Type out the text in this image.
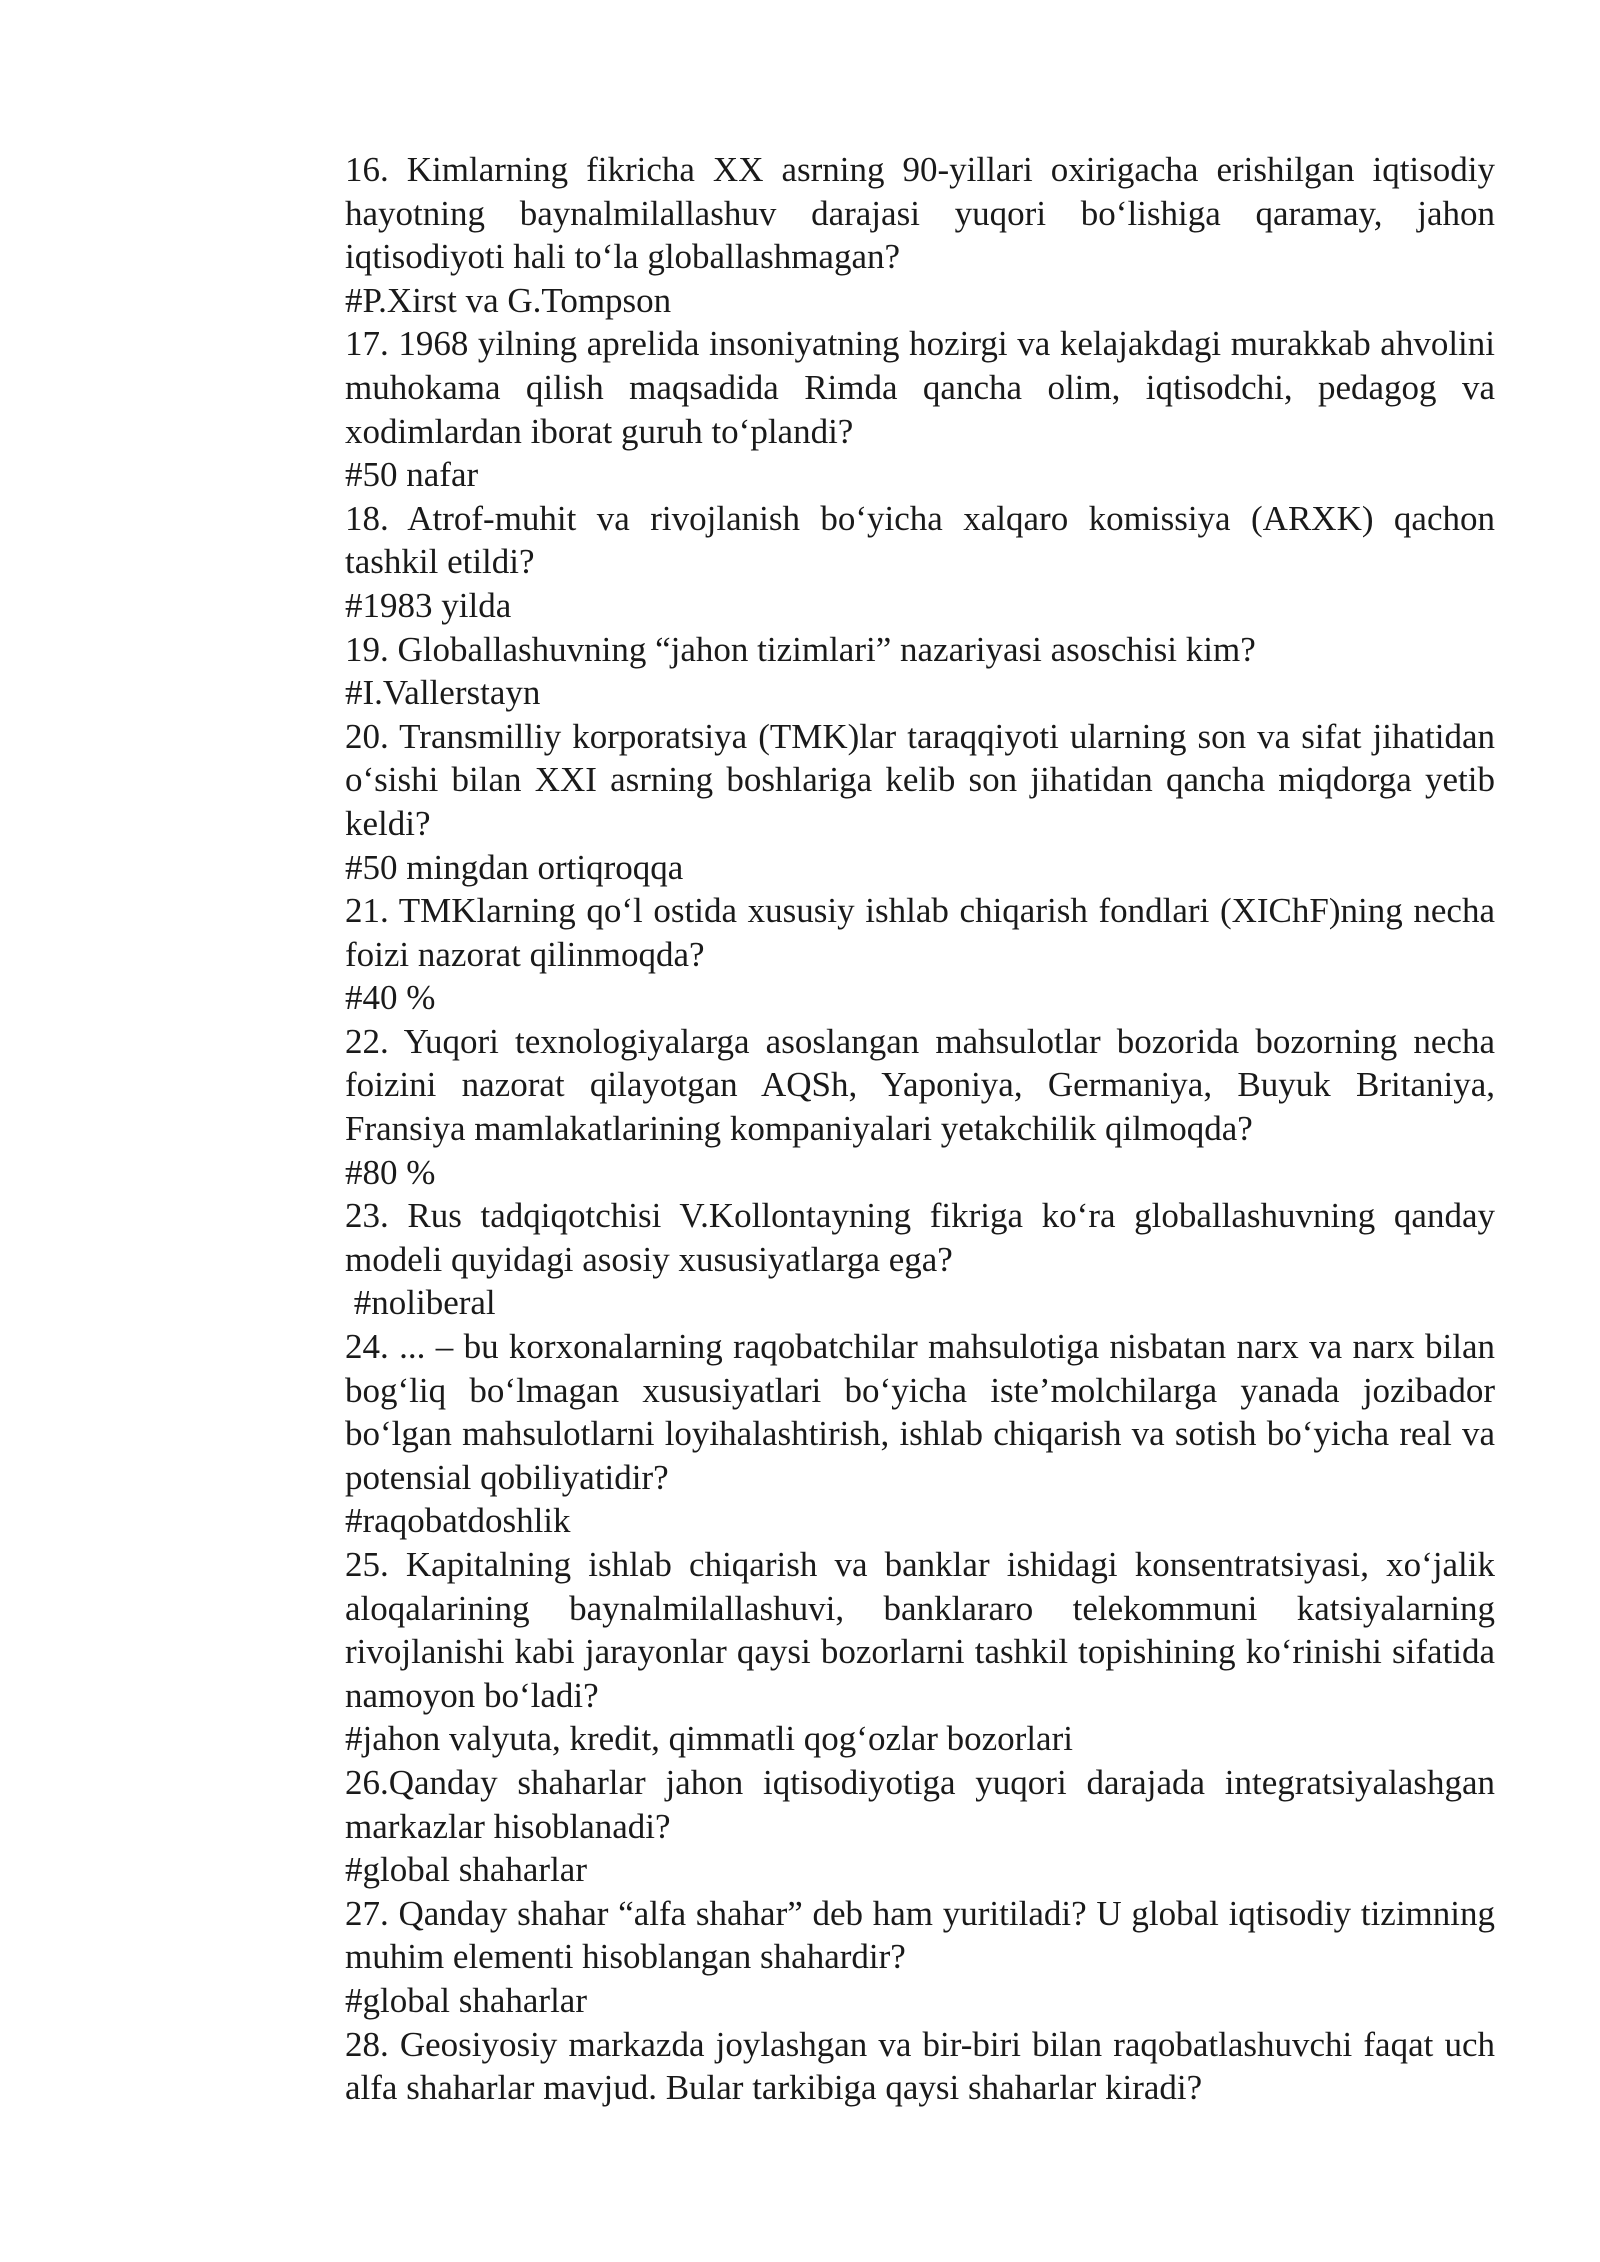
16. Kimlarning fikricha XX asrning 90-yillari oxirigacha erishilgan iqtisodiy hayotning baynalmilallashuv darajasi yuqori bo‘lishiga qaramay, jahon iqtisodiyoti hali to‘la globallashmagan?

#P.Xirst va G.Tompson

17. 1968 yilning aprelida insoniyatning hozirgi va kelajakdagi murakkab ahvolini muhokama qilish maqsadida Rimda qancha olim, iqtisodchi, pedagog va xodimlardan iborat guruh to‘plandi?

#50 nafar

18. Atrof-muhit va rivojlanish bo‘yicha xalqaro komissiya (ARXK) qachon tashkil etildi?

#1983 yilda

19. Globallashuvning “jahon tizimlari” nazariyasi asoschisi kim?

#I.Vallerstayn

20. Transmilliy korporatsiya (TMK)lar taraqqiyoti ularning son va sifat jihatidan o‘sishi bilan XXI asrning boshlariga kelib son jihatidan qancha miqdorga yetib keldi?

#50 mingdan ortiqroqqa

21. TMKlarning qo‘l ostida xususiy ishlab chiqarish fondlari (XIChF)ning necha foizi nazorat qilinmoqda?

#40 %

22. Yuqori texnologiyalarga asoslangan mahsulotlar bozorida bozorning necha foizini nazorat qilayotgan AQSh, Yaponiya, Germaniya, Buyuk Britaniya, Fransiya mamlakatlarining kompaniyalari yetakchilik qilmoqda?

#80 %

23. Rus tadqiqotchisi V.Kollontayning fikriga ko‘ra globallashuvning qanday modeli quyidagi asosiy xususiyatlarga ega?

#noliberal

24. ... – bu korxonalarning raqobatchilar mahsulotiga nisbatan narx va narx bilan bog‘liq bo‘lmagan xususiyatlari bo‘yicha iste’molchilarga yanada jozibador bo‘lgan mahsulotlarni loyihalashtirish, ishlab chiqarish va sotish bo‘yicha real va potensial qobiliyatidir?

#raqobatdoshlik

25. Kapitalning ishlab chiqarish va banklar ishidagi konsentratsiyasi, xo‘jalik aloqalarining baynalmilallashuvi, banklararo telekommuni katsiyalarning rivojlanishi kabi jarayonlar qaysi bozorlarni tashkil topishining ko‘rinishi sifatida namoyon bo‘ladi?

#jahon valyuta, kredit, qimmatli qog‘ozlar bozorlari

26.Qanday shaharlar jahon iqtisodiyotiga yuqori darajada integratsiyalashgan markazlar hisoblanadi?

#global shaharlar

27. Qanday shahar “alfa shahar” deb ham yuritiladi? U global iqtisodiy tizimning muhim elementi hisoblangan shahardir?

#global shaharlar

28. Geosiyosiy markazda joylashgan va bir-biri bilan raqobatlashuvchi faqat uch alfa shaharlar mavjud. Bular tarkibiga qaysi shaharlar kiradi?
